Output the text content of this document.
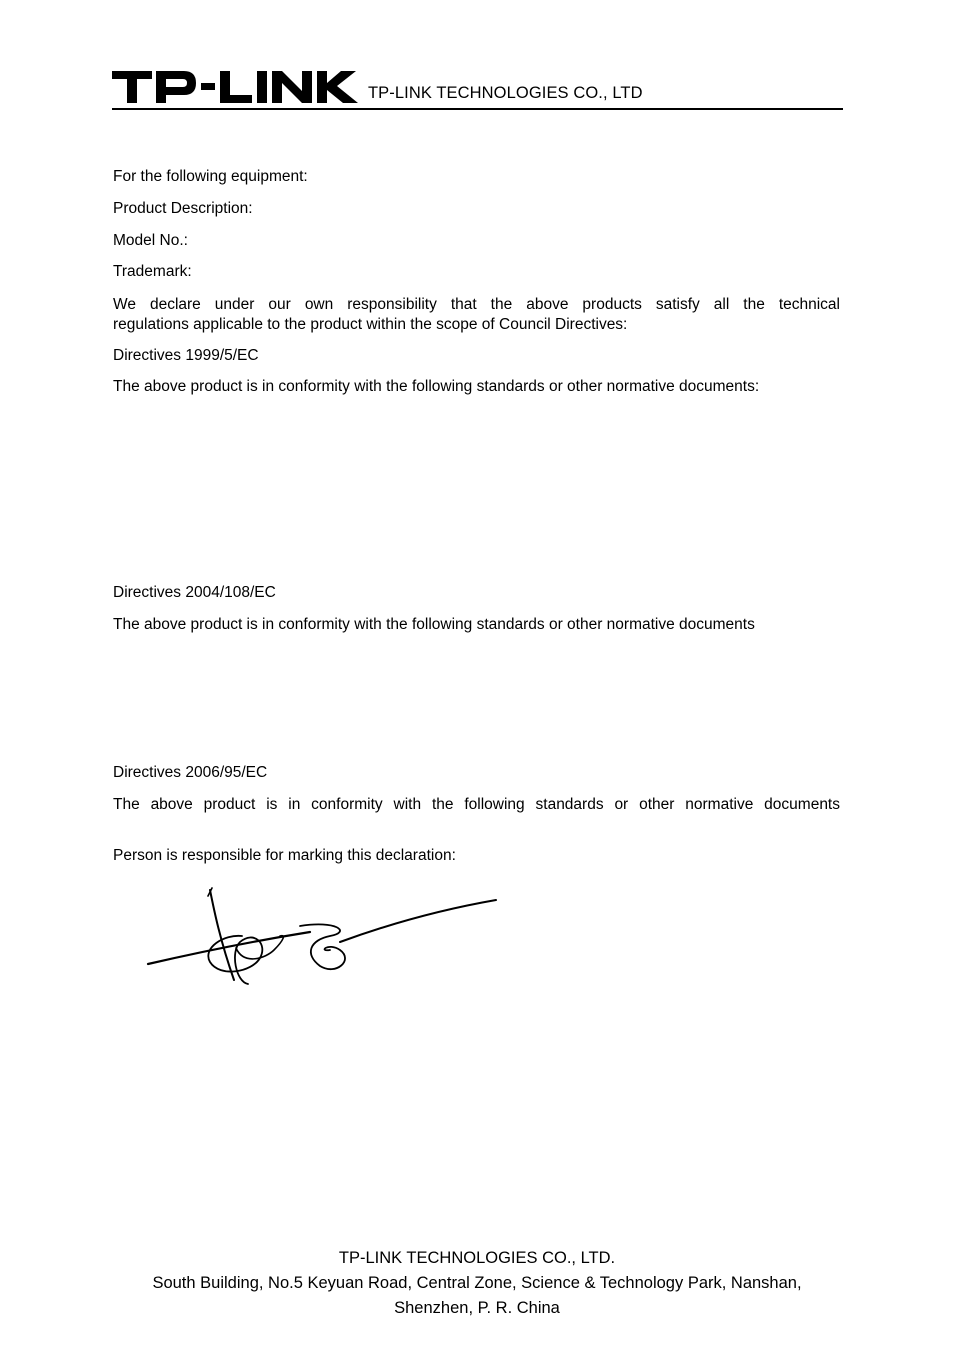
TP-LINK TECHNOLOGIES CO., LTD
For the following equipment:
Product Description:
Model No.:
Trademark:
We declare under our own responsibility that the above products satisfy all the technical
regulations applicable to the product within the scope of Council Directives:
Directives 1999/5/EC
The above product is in conformity with the following standards or other normative documents:
Directives 2004/108/EC
The above product is in conformity with the following standards or other normative documents
Directives 2006/95/EC
The above product is in conformity with the following standards or other normative documents
Person is responsible for marking this declaration:
TP-LINK TECHNOLOGIES CO., LTD.
South Building, No.5 Keyuan Road, Central Zone, Science & Technology Park, Nanshan,
Shenzhen, P. R. China
